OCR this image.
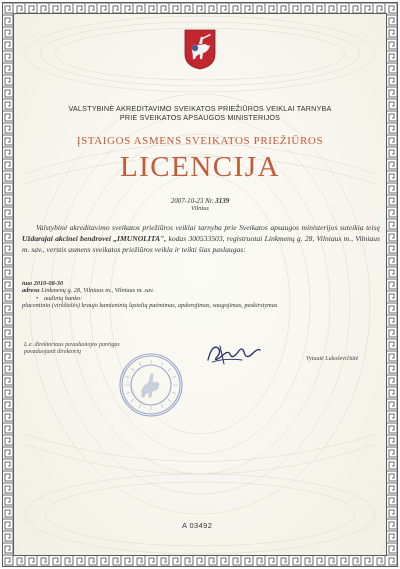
VALSTYBINĖ AKREDITAVIMO SVEIKATOS PRIEŽIŪROS VEIKLAI TARNYBA
PRIE SVEIKATOS APSAUGOS MINISTERIJOS
ĮSTAIGOS ASMENS SVEIKATOS PRIEŽIŪROS
LICENCIJA
2007-10-23 Nr. 3139
Vilnius
Valstybinė akreditavimo sveikatos priežiūros veiklai tarnyba prie Sveikatos apsaugos ministerijos suteikia teisę Uždarajai akcinei bendrovei „IMUNOLITA", kodas 300533503, registruotai Linkmenų g. 28, Vilniaus m., Vilniaus m. sav., verstis asmens sveikatos priežiūros veikla ir teikti šias paslaugas:
nuo 2010-08-30
adresu Linkmenų g. 28, Vilniaus m., Vilniaus m. sav.
• audinių banko:
placentinio (virkštelės) kraujo kamieninių ląstelių paėmimas, apdorojimas, saugojimas, paskirstymas
L.e. direktoriaus pavaduotojos pareigas
pavaduojanti direktorių
Vytautė Lukoševičiūtė
A 03492
